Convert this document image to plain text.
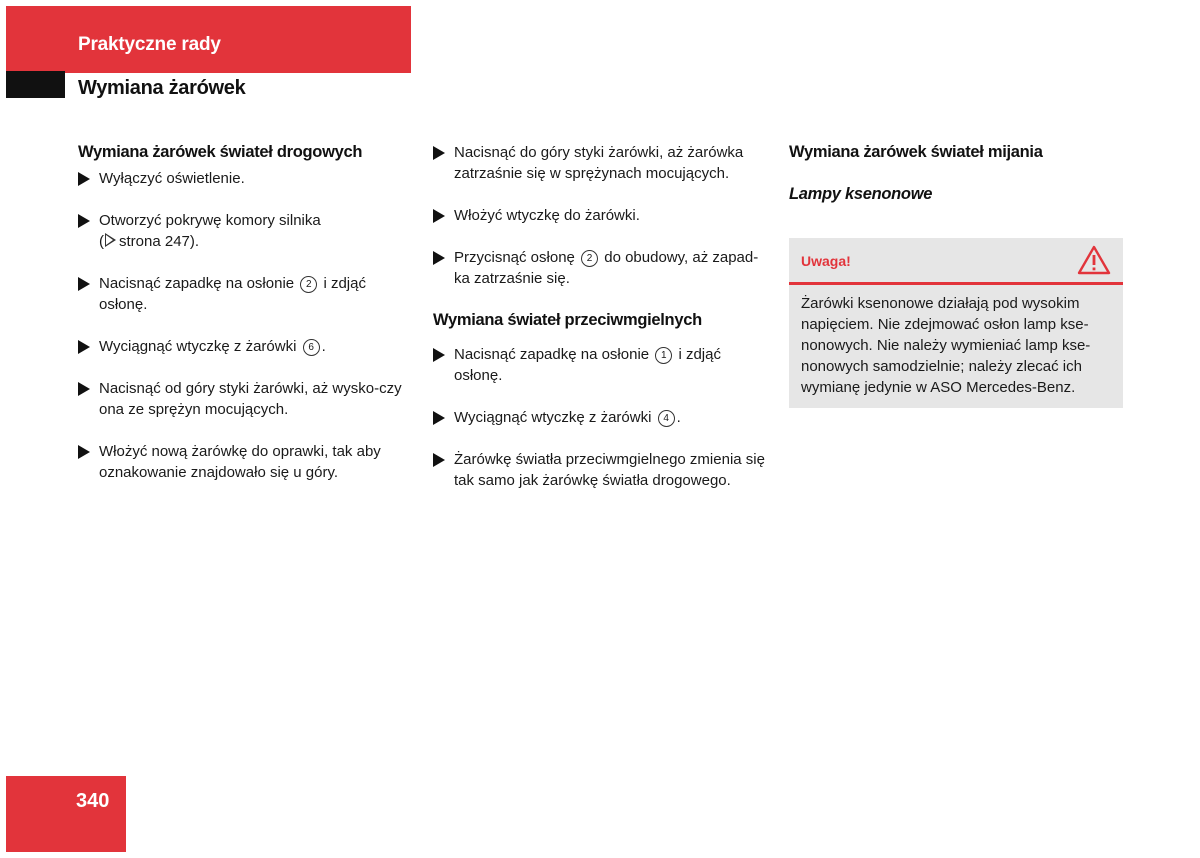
Praktyczne rady
Wymiana żarówek
Wymiana żarówek świateł drogowych
Wyłączyć oświetlenie.
Otworzyć pokrywę komory silnika
( strona 247).
Nacisnąć zapadkę na osłonie 2 i zdjąć osłonę.
Wyciągnąć wtyczkę z żarówki 6 .
Nacisnąć od góry styki żarówki, aż wysko-czy ona ze sprężyn mocujących.
Włożyć nową żarówkę do oprawki, tak aby oznakowanie znajdowało się u góry.
Nacisnąć do góry styki żarówki, aż żarówka zatrzaśnie się w sprężynach mocujących.
Włożyć wtyczkę do żarówki.
Przycisnąć osłonę 2 do obudowy, aż zapad-ka zatrzaśnie się.
Wymiana świateł przeciwmgielnych
Nacisnąć zapadkę na osłonie 1 i zdjąć osłonę.
Wyciągnąć wtyczkę z żarówki 4 .
Żarówkę światła przeciwmgielnego zmienia się tak samo jak żarówkę światła drogowego.
Wymiana żarówek świateł mijania
Lampy ksenonowe
Uwaga!
Żarówki ksenonowe działają pod wysokim napięciem. Nie zdejmować osłon lamp kse-nonowych. Nie należy wymieniać lamp kse-nonowych samodzielnie; należy zlecać ich wymianę jedynie w ASO Mercedes-Benz.
340
